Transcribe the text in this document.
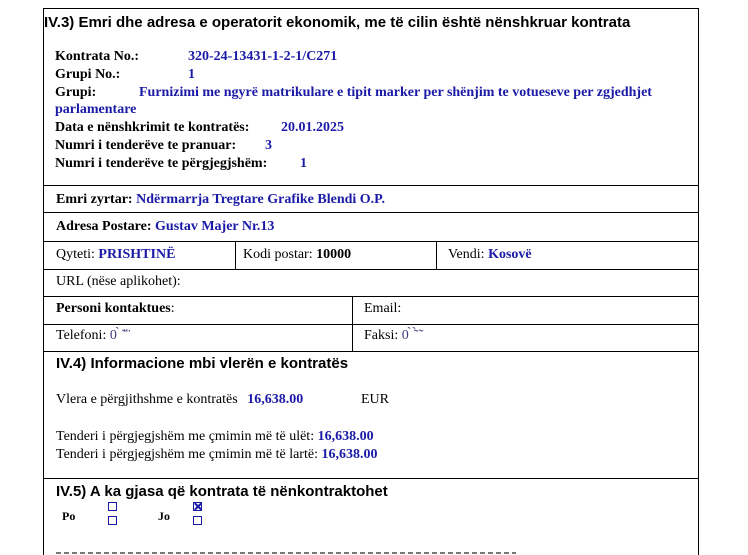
IV.3) Emri dhe adresa e operatorit ekonomik, me të cilin është nënshkruar kontrata
Kontrata No.:	320-24-13431-1-2-1/C271
Grupi No.:	1
Grupi:	Furnizimi me ngyrë matrikulare e tipit marker per shënjim te votueseve per zgjedhjet
parlamentare
Data e nënshkrimit te kontratës: 20.01.2025
Numri i tenderëve te pranuar: 3
Numri i tenderëve te përgjegjshëm: 1
Emri zyrtar: Ndërmarrja Tregtare Grafike Blendi O.P.
Adresa Postare: Gustav Majer Nr.13
Qyteti: PRISHTINË	Kodi postar: 10000	Vendi: Kosovë
URL (nëse aplikohet):
Personi kontaktues:	Email:
Telefoni: 0 ̀ ̃ ̒ ̒ ̇	Faksi: 0 ̀ ̃ ̀ ̃
IV.4) Informacione mbi vlerën e kontratës
Vlera e përgjithshme e kontratës 16,638.00	EUR
Tenderi i përgjegjshëm me çmimin më të ulët: 16,638.00
Tenderi i përgjegjshëm me çmimin më të lartë: 16,638.00
IV.5) A ka gjasa që kontrata të nënkontraktohet
Po	Jo
